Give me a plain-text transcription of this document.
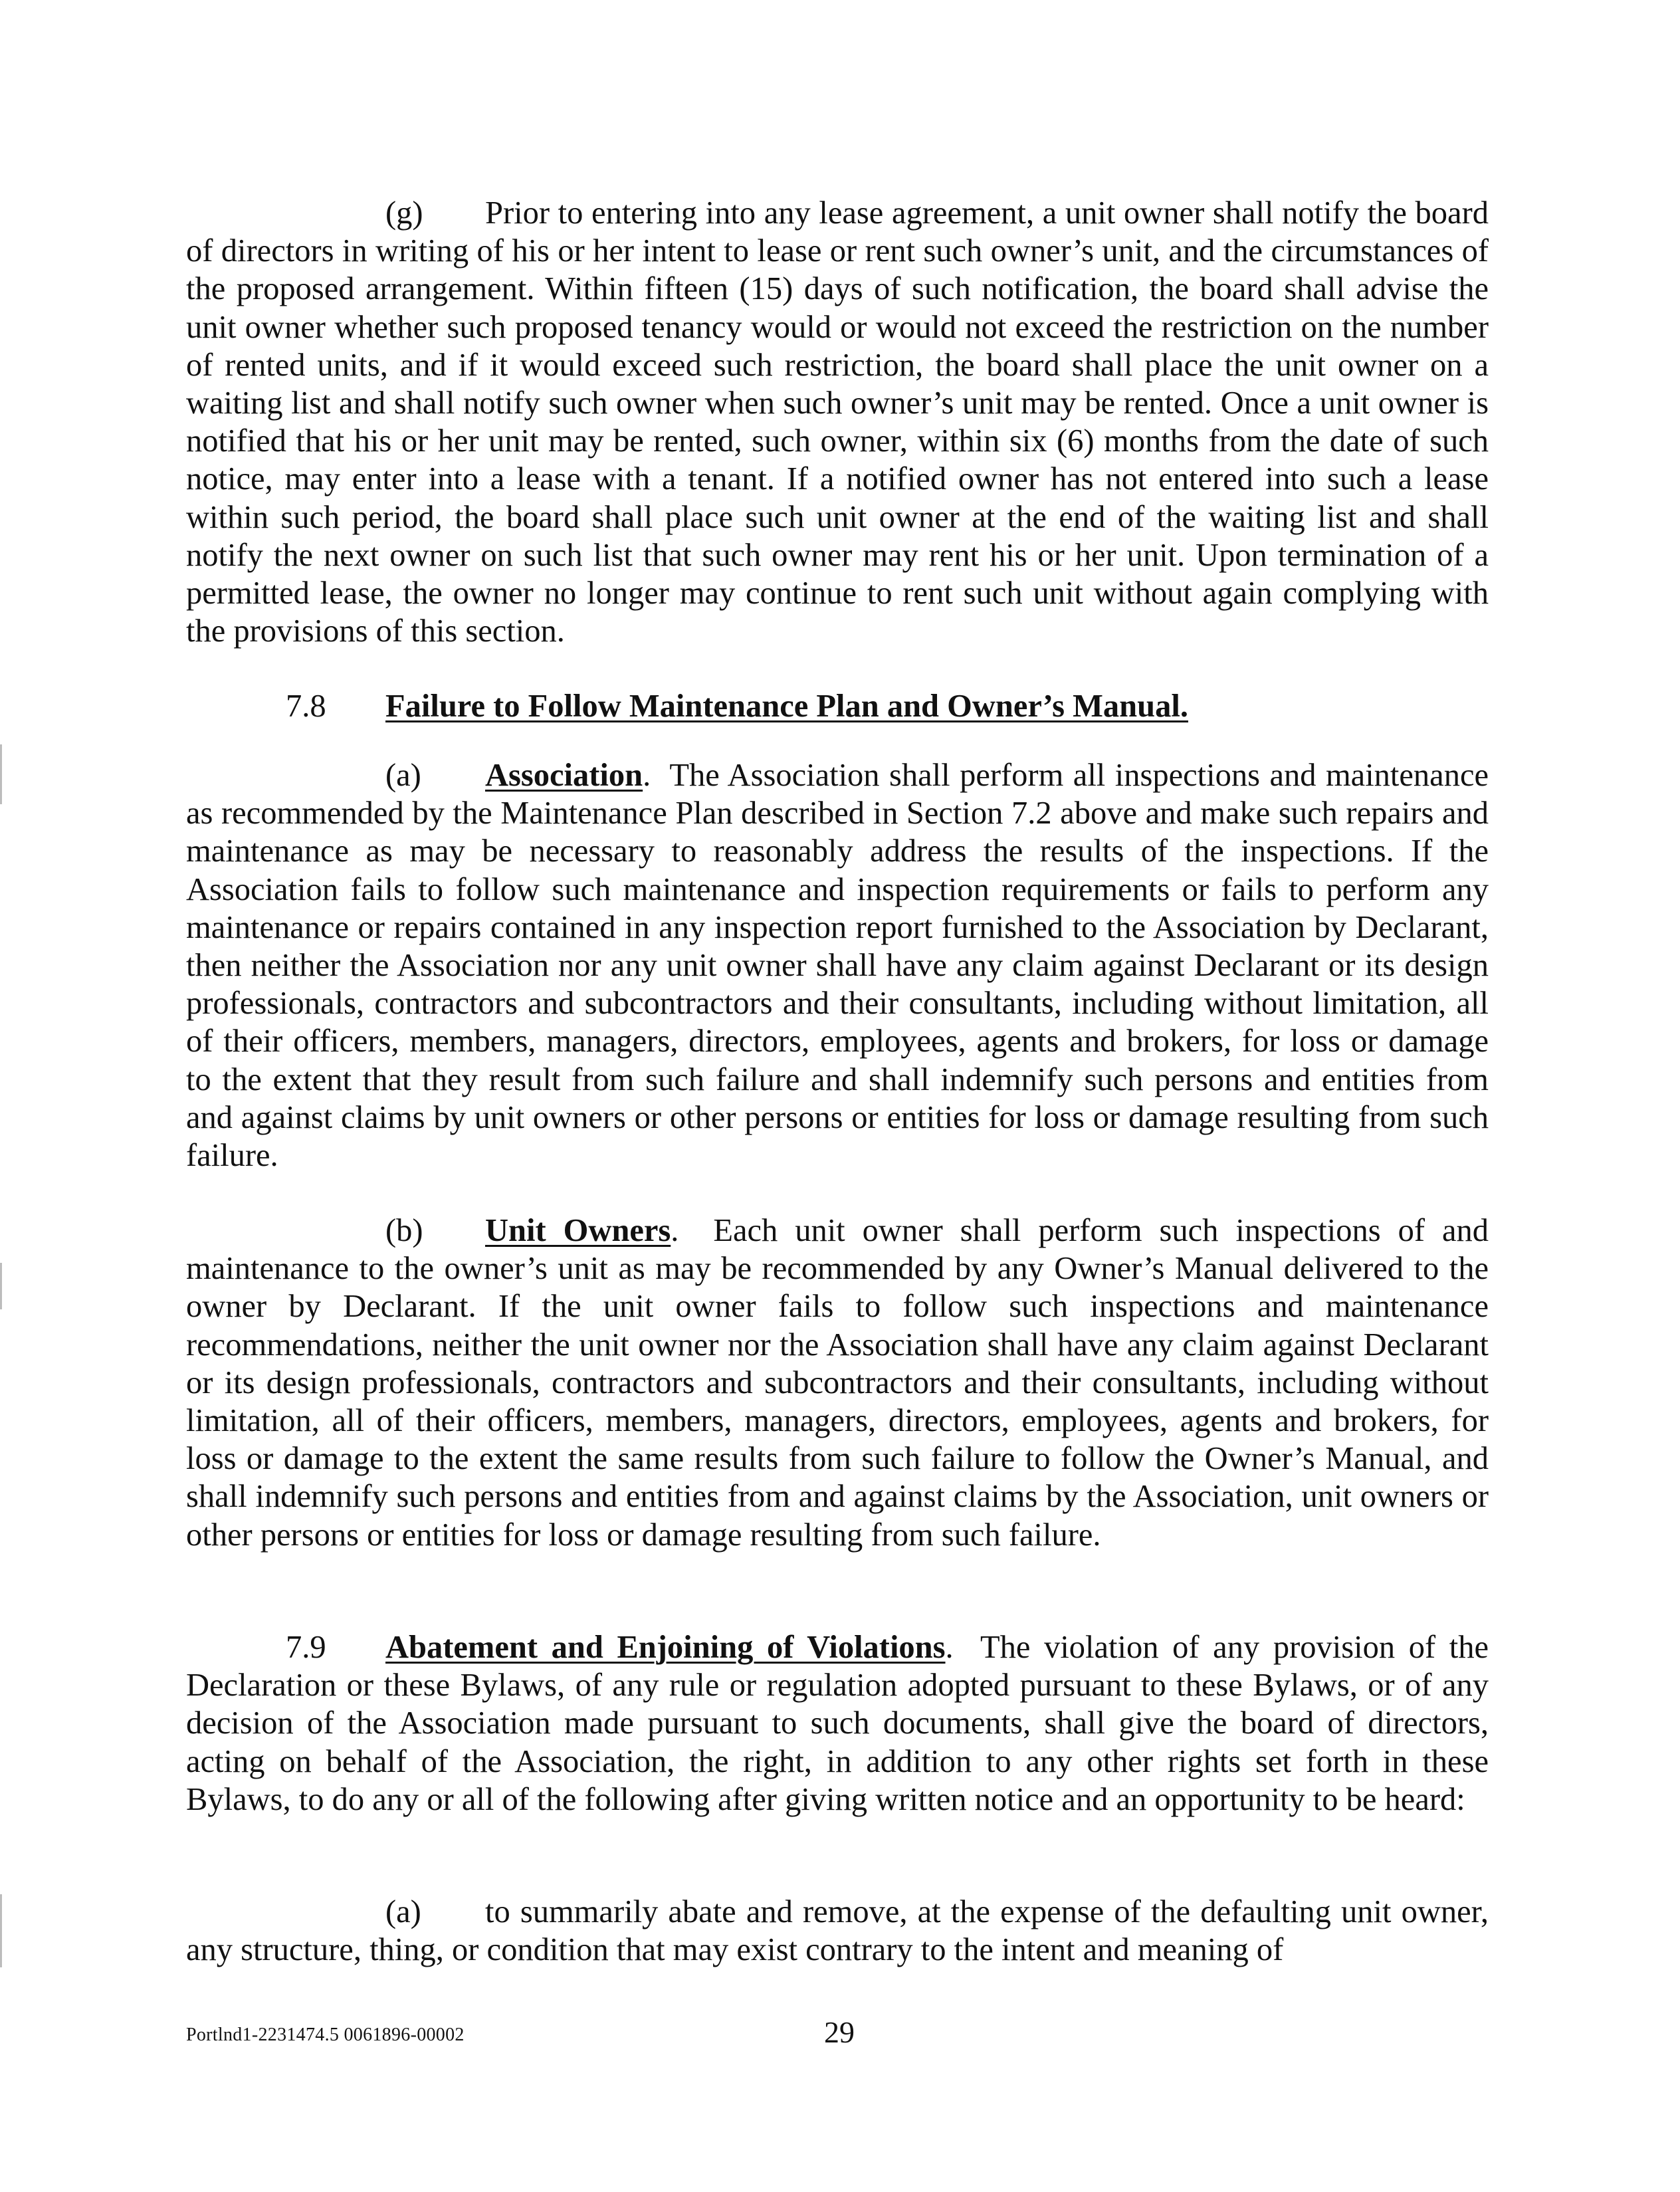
(g) Prior to entering into any lease agreement, a unit owner shall notify the board of directors in writing of his or her intent to lease or rent such owner’s unit, and the circumstances of the proposed arrangement. Within fifteen (15) days of such notification, the board shall advise the unit owner whether such proposed tenancy would or would not exceed the restriction on the number of rented units, and if it would exceed such restriction, the board shall place the unit owner on a waiting list and shall notify such owner when such owner’s unit may be rented. Once a unit owner is notified that his or her unit may be rented, such owner, within six (6) months from the date of such notice, may enter into a lease with a tenant. If a notified owner has not entered into such a lease within such period, the board shall place such unit owner at the end of the waiting list and shall notify the next owner on such list that such owner may rent his or her unit. Upon termination of a permitted lease, the owner no longer may continue to rent such unit without again complying with the provisions of this section.

7.8 Failure to Follow Maintenance Plan and Owner’s Manual.

(a) Association. The Association shall perform all inspections and maintenance as recommended by the Maintenance Plan described in Section 7.2 above and make such repairs and maintenance as may be necessary to reasonably address the results of the inspections. If the Association fails to follow such maintenance and inspection requirements or fails to perform any maintenance or repairs contained in any inspection report furnished to the Association by Declarant, then neither the Association nor any unit owner shall have any claim against Declarant or its design professionals, contractors and subcontractors and their consultants, including without limitation, all of their officers, members, managers, directors, employees, agents and brokers, for loss or damage to the extent that they result from such failure and shall indemnify such persons and entities from and against claims by unit owners or other persons or entities for loss or damage resulting from such failure.

(b) Unit Owners. Each unit owner shall perform such inspections of and maintenance to the owner’s unit as may be recommended by any Owner’s Manual delivered to the owner by Declarant. If the unit owner fails to follow such inspections and maintenance recommendations, neither the unit owner nor the Association shall have any claim against Declarant or its design professionals, contractors and subcontractors and their consultants, including without limitation, all of their officers, members, managers, directors, employees, agents and brokers, for loss or damage to the extent the same results from such failure to follow the Owner’s Manual, and shall indemnify such persons and entities from and against claims by the Association, unit owners or other persons or entities for loss or damage resulting from such failure.

7.9 Abatement and Enjoining of Violations. The violation of any provision of the Declaration or these Bylaws, of any rule or regulation adopted pursuant to these Bylaws, or of any decision of the Association made pursuant to such documents, shall give the board of directors, acting on behalf of the Association, the right, in addition to any other rights set forth in these Bylaws, to do any or all of the following after giving written notice and an opportunity to be heard:

(a) to summarily abate and remove, at the expense of the defaulting unit owner, any structure, thing, or condition that may exist contrary to the intent and meaning of

Portlnd1-2231474.5 0061896-00002	29
